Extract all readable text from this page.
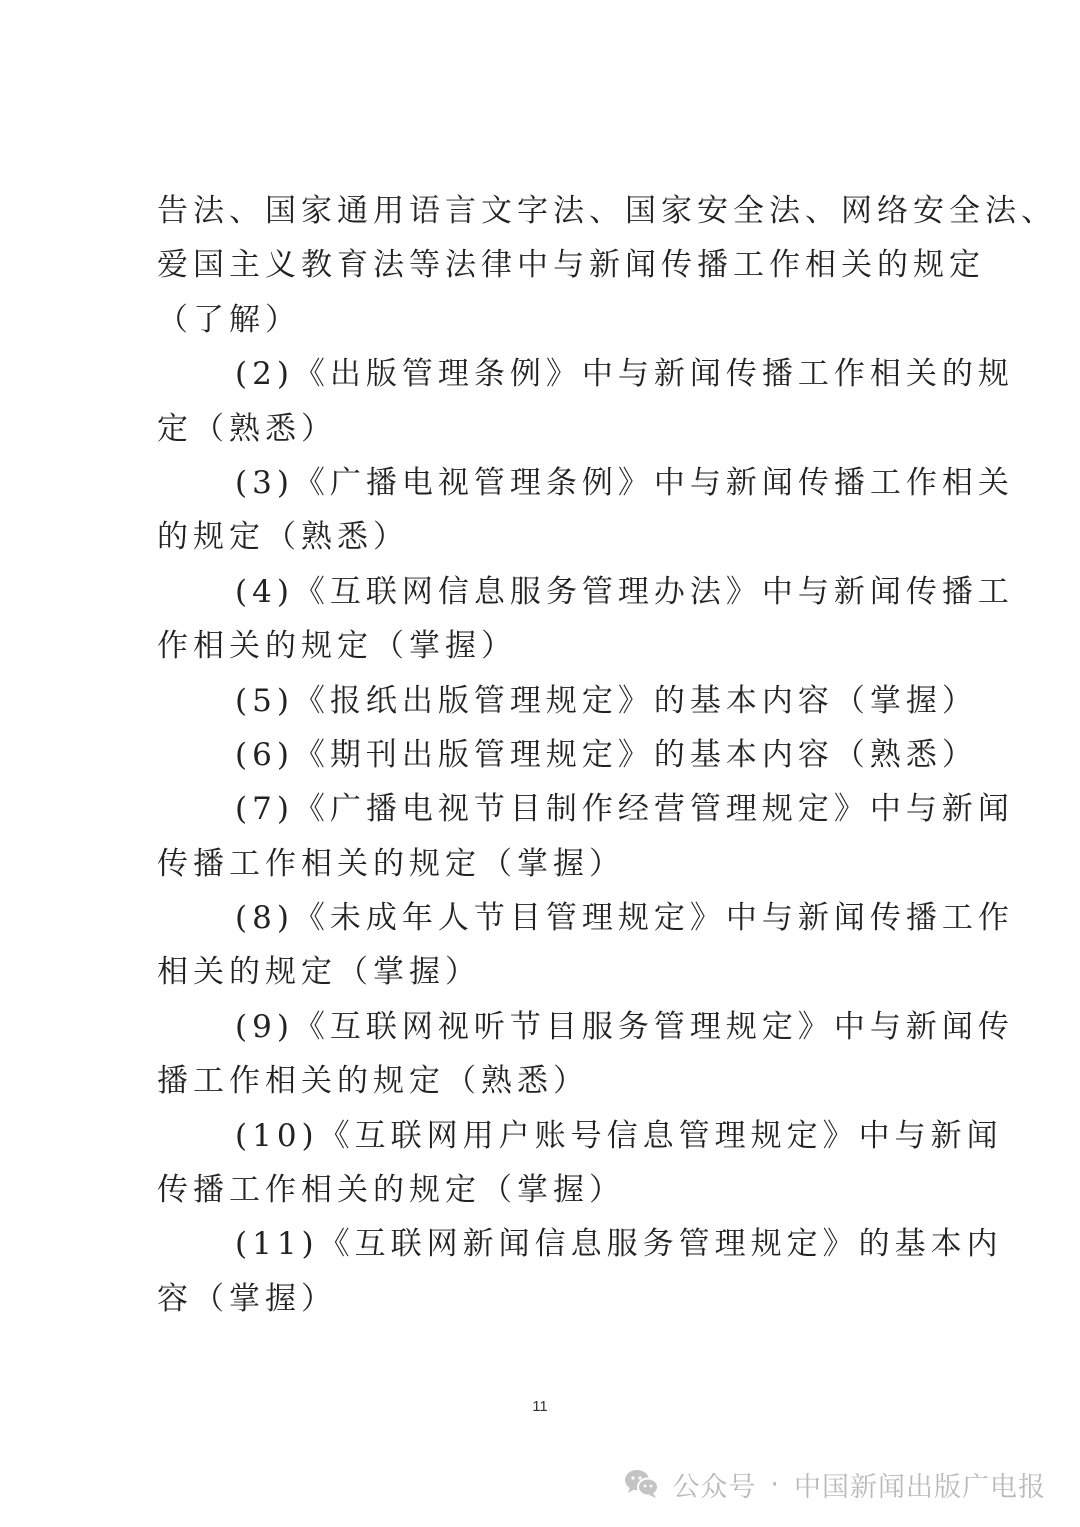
告法、国家通用语言文字法、国家安全法、网络安全法、
爱国主义教育法等法律中与新闻传播工作相关的规定
（了解）
(2)《出版管理条例》中与新闻传播工作相关的规
定（熟悉）
(3)《广播电视管理条例》中与新闻传播工作相关
的规定（熟悉）
(4)《互联网信息服务管理办法》中与新闻传播工
作相关的规定（掌握）
(5)《报纸出版管理规定》的基本内容（掌握）
(6)《期刊出版管理规定》的基本内容（熟悉）
(7)《广播电视节目制作经营管理规定》中与新闻
传播工作相关的规定（掌握）
(8)《未成年人节目管理规定》中与新闻传播工作
相关的规定（掌握）
(9)《互联网视听节目服务管理规定》中与新闻传
播工作相关的规定（熟悉）
(10)《互联网用户账号信息管理规定》中与新闻
传播工作相关的规定（掌握）
(11)《互联网新闻信息服务管理规定》的基本内
容（掌握）
11
公众号 · 中国新闻出版广电报
